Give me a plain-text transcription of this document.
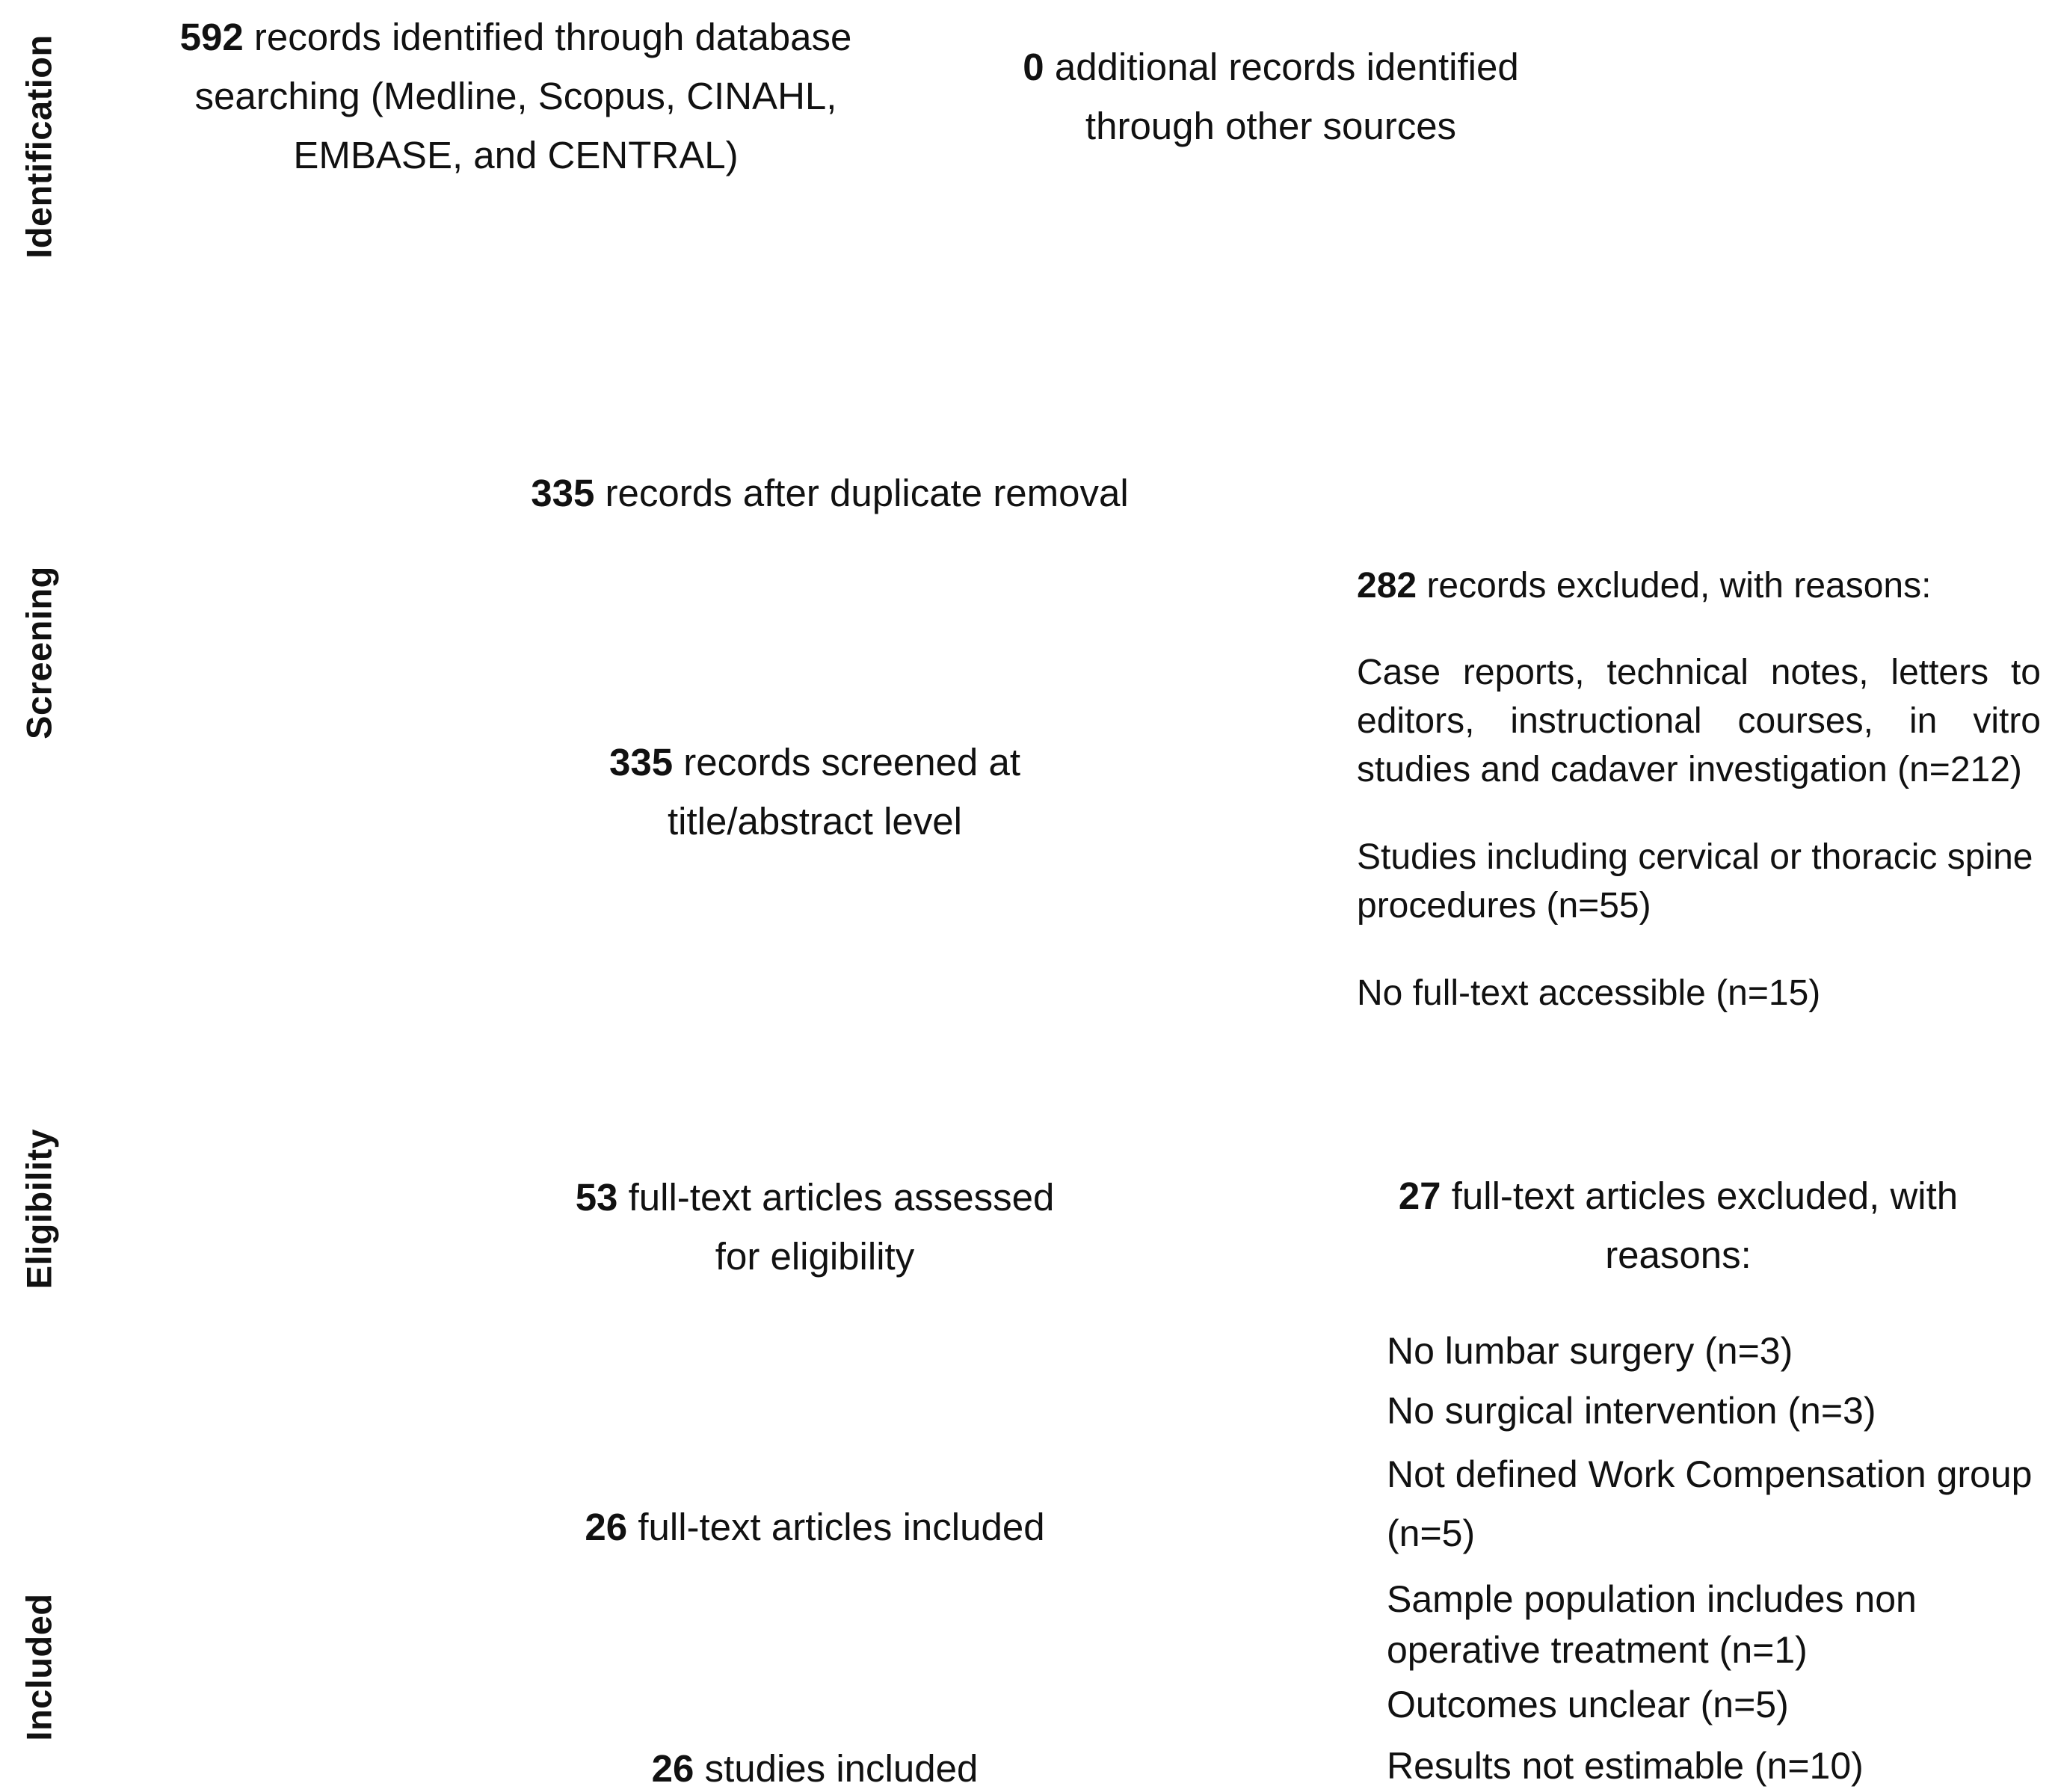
Identification
Screening
Eligibility
Included
592 records identified through database searching (Medline, Scopus, CINAHL, EMBASE, and CENTRAL)
0 additional records identified through other sources
335 records after duplicate removal
335 records screened at title/abstract level
282 records excluded, with reasons:
Case reports, technical notes, letters to editors, instructional courses, in vitro studies and cadaver investigation (n=212)
Studies including cervical or thoracic spine procedures (n=55)
No full-text accessible (n=15)
53 full-text articles assessed for eligibility
27 full-text articles excluded, with reasons:
No lumbar surgery (n=3)
No surgical intervention (n=3)
Not defined Work Compensation group (n=5)
Sample population includes non operative treatment (n=1)
Outcomes unclear (n=5)
Results not estimable (n=10)
26 full-text articles included
26 studies included
